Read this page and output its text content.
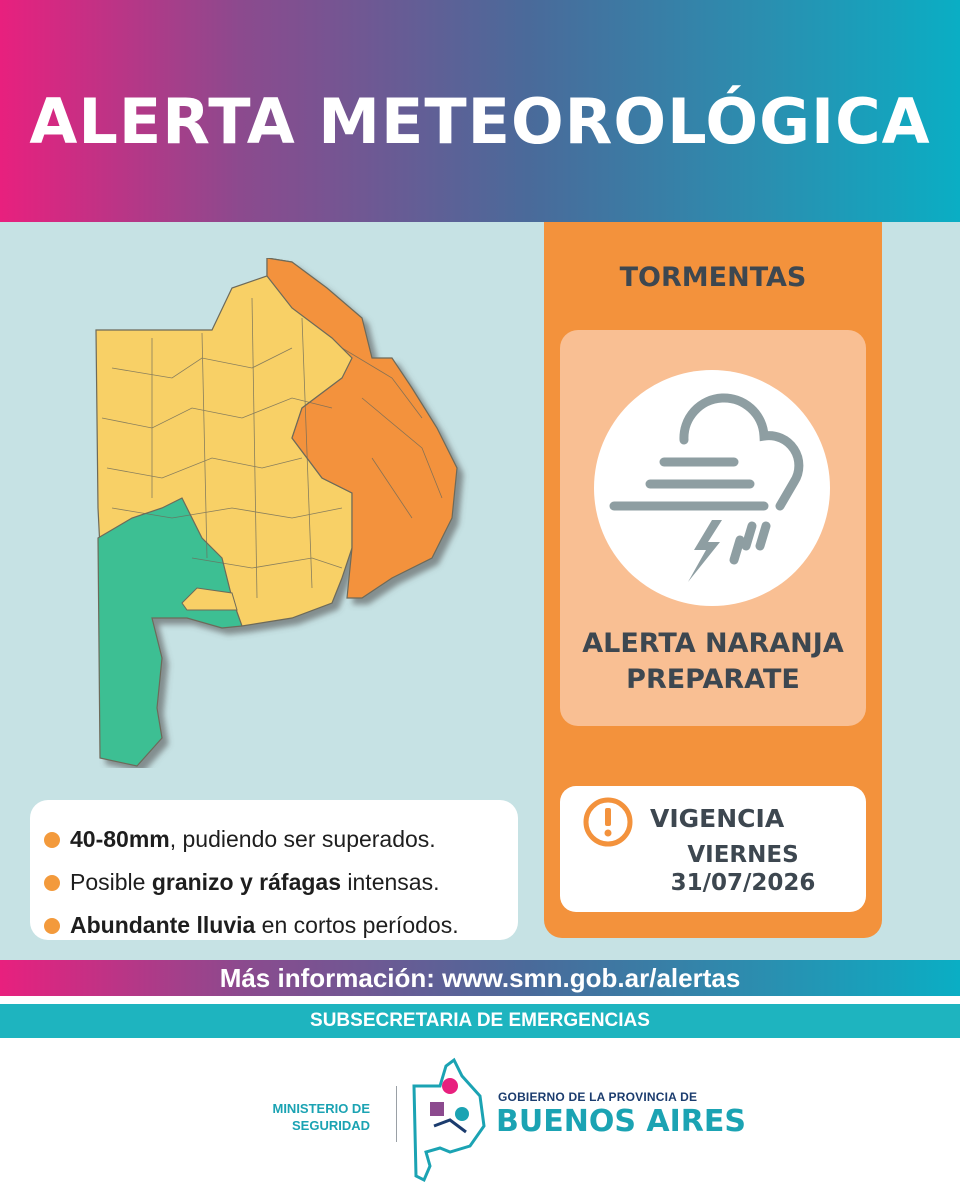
ALERTA METEOROLÓGICA
40-80mm, pudiendo ser superados.
Posible granizo y ráfagas intensas.
Abundante lluvia en cortos períodos.
TORMENTAS
ALERTA NARANJA
PREPARATE
VIGENCIA
VIERNES
31/07/2026
Más información: www.smn.gob.ar/alertas
SUBSECRETARIA DE EMERGENCIAS
MINISTERIO DE
SEGURIDAD
GOBIERNO DE LA PROVINCIA DE
BUENOS AIRES
